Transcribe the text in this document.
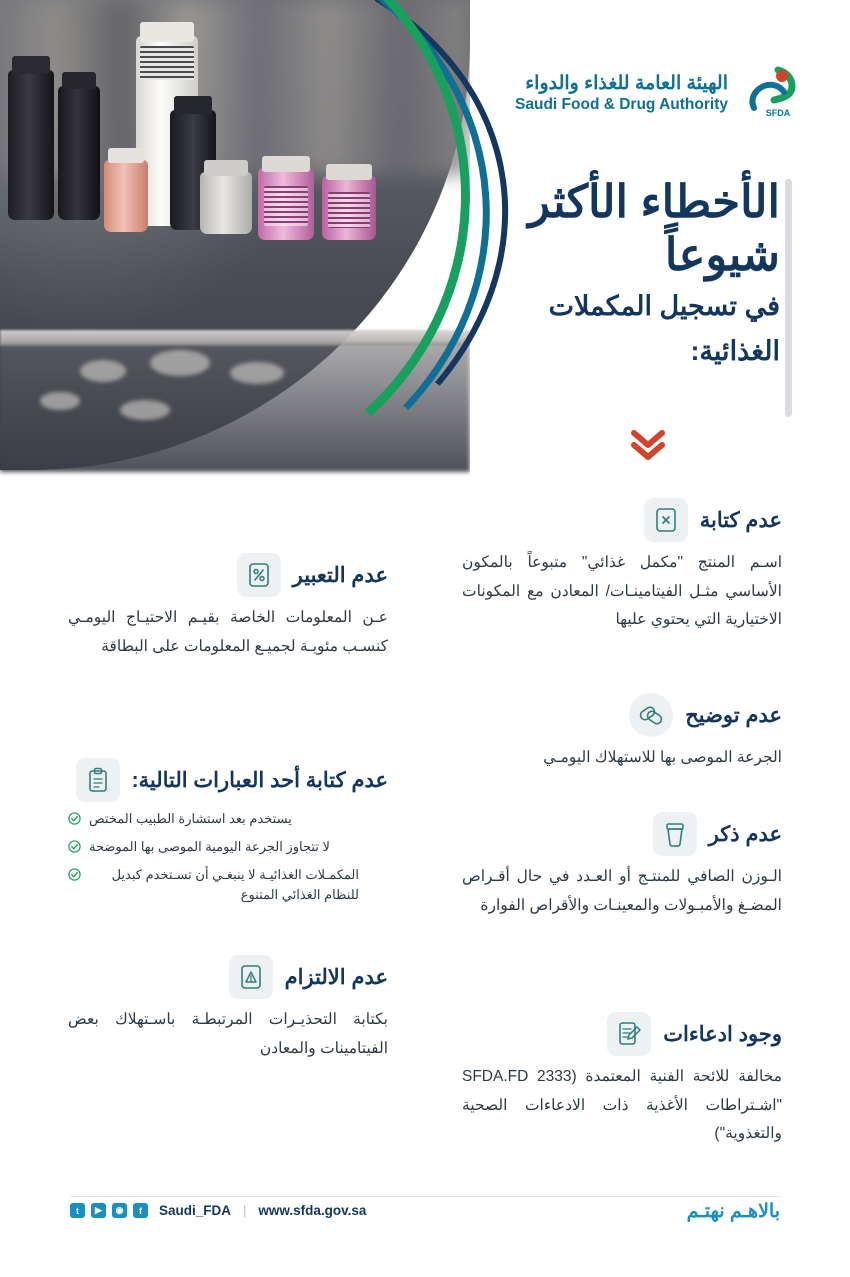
SFDA
الهيئة العامة للغذاء والدواء
Saudi Food & Drug Authority
الأخطاء الأكثر
شيوعاً
في تسجيل المكملات
الغذائية:
عدم كتابة
اسـم المنتج "مكمل غذائي" متبوعاً بالمكون الأساسي مثـل الفيتامينـات/ المعادن مع المكونات الاختيارية التي يحتوي عليها
عدم توضيح
الجرعة الموصى بها للاستهلاك اليومـي
عدم ذكر
الـوزن الصافي للمنتـج أو العـدد في حال أقـراص المضـغ والأمبـولات والمعينـات والأقراص الفوارة
وجود ادعاءات
مخالفة للائحة الفنية المعتمدة (SFDA.FD 2333 "اشـتراطات الأغذية ذات الادعاءات الصحية والتغذوية")
عدم التعبير
عـن المعلومات الخاصة بقيـم الاحتيـاج اليومـي كنسـب مئويـة لجميـع المعلومات على البطاقة
عدم كتابة أحد العبارات التالية:
يستخدم بعد استشارة الطبيب المختص
لا تتجاوز الجرعة اليومية الموصى بها الموضحة
المكمـلات الغذائيـة لا ينبغـي أن تسـتخدم كبديل للنظام الغذائي المتنوع
عدم الالتزام
بكتابة التحذيـرات المرتبطـة باسـتهلاك بعض الفيتامينات والمعادن
t	▶	◉	f	Saudi_FDA | www.sfda.gov.sa	بالاهـم نهتـم
